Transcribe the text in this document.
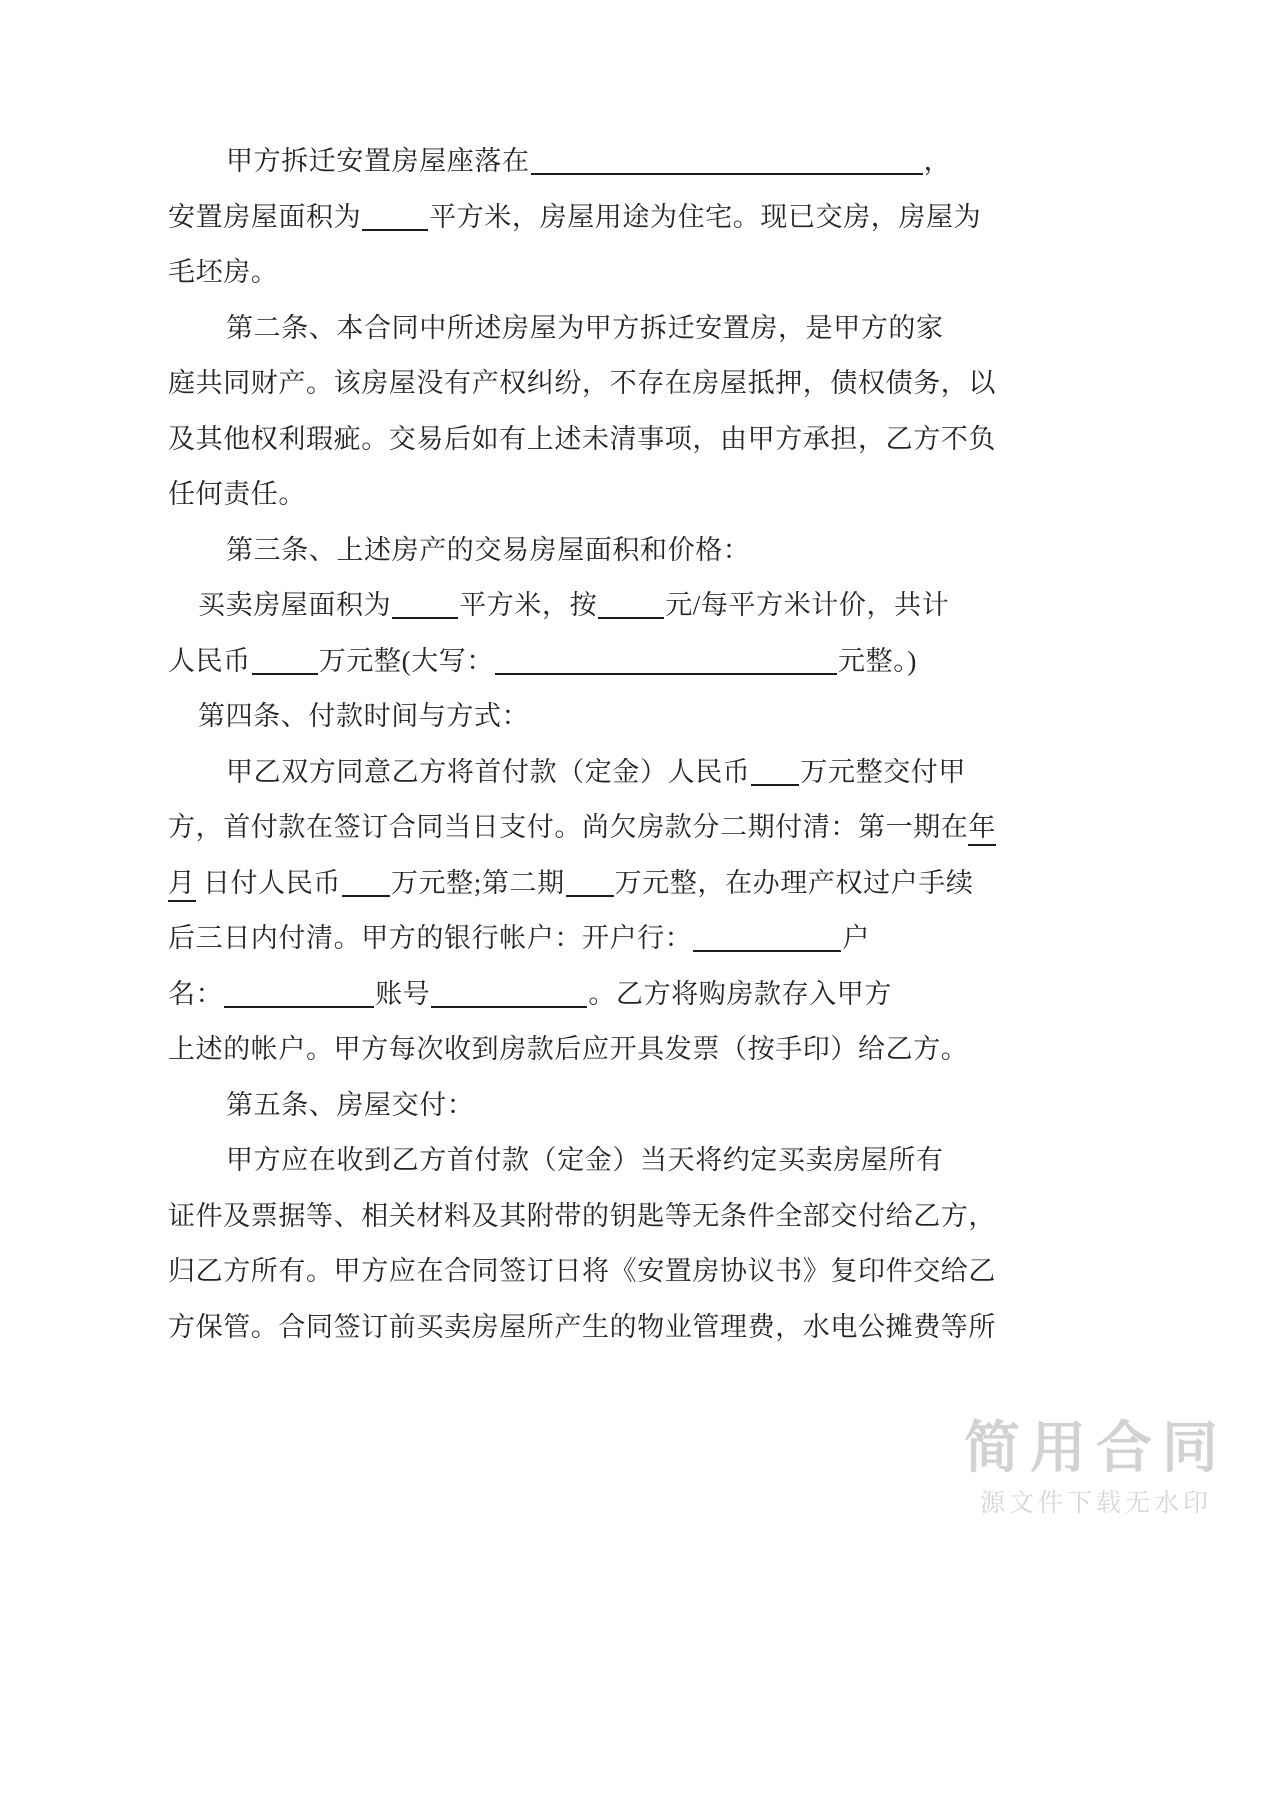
甲方拆迁安置房屋座落在	，
安置房屋面积为	平方米，房屋用途为住宅。现已交房，房屋为
毛坯房。
第二条、本合同中所述房屋为甲方拆迁安置房，是甲方的家
庭共同财产。该房屋没有产权纠纷，不存在房屋抵押，债权债务，以
及其他权利瑕疵。交易后如有上述未清事项，由甲方承担，乙方不负
任何责任。
第三条、上述房产的交易房屋面积和价格：
买卖房屋面积为	平方米，按	元/每平方米计价，共计
人民币	万元整(大写：	元整。)
第四条、付款时间与方式：
甲乙双方同意乙方将首付款（定金）人民币 万元整交付甲
方，首付款在签订合同当日支付。尚欠房款分二期付清：第一期在年
月 日付人民币 万元整;第二期 万元整，在办理产权过户手续
后三日内付清。甲方的银行帐户：开户行：	户
名：	账号	。乙方将购房款存入甲方
上述的帐户。甲方每次收到房款后应开具发票（按手印）给乙方。
第五条、房屋交付：
甲方应在收到乙方首付款（定金）当天将约定买卖房屋所有
证件及票据等、相关材料及其附带的钥匙等无条件全部交付给乙方，
归乙方所有。甲方应在合同签订日将《安置房协议书》复印件交给乙
方保管。合同签订前买卖房屋所产生的物业管理费，水电公摊费等所
简用合同
源文件下载无水印
